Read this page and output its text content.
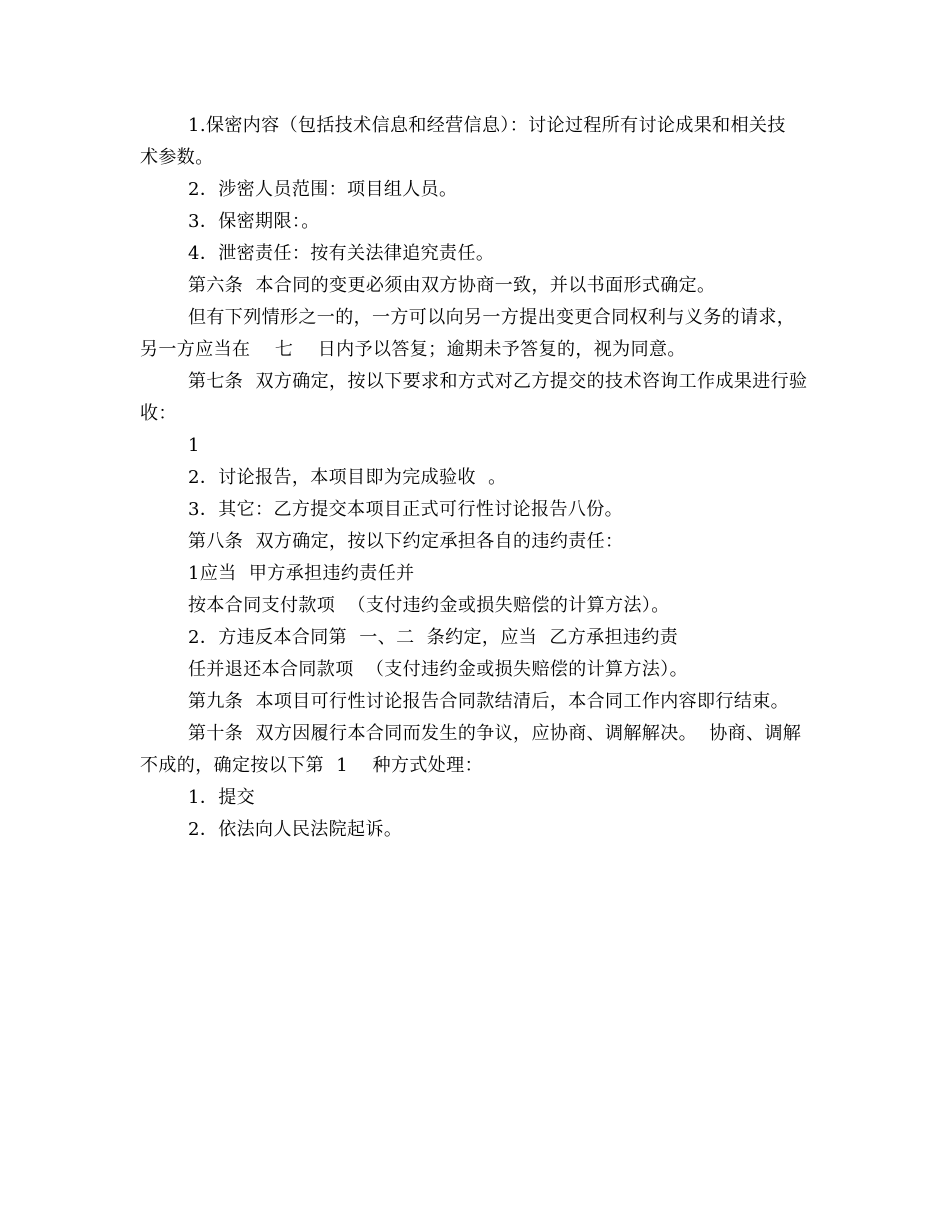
1.保密内容（包括技术信息和经营信息）：讨论过程所有讨论成果和相关技
术参数。
2．涉密人员范围：项目组人员。
3．保密期限：。
4．泄密责任：按有关法律追究责任。
第六条  本合同的变更必须由双方协商一致，并以书面形式确定。
但有下列情形之一的，一方可以向另一方提出变更合同权利与义务的请求，
另一方应当在    七    日内予以答复；逾期未予答复的，视为同意。
第七条  双方确定，按以下要求和方式对乙方提交的技术咨询工作成果进行验
收：
1
2．讨论报告，本项目即为完成验收  。
3．其它：乙方提交本项目正式可行性讨论报告八份。
第八条  双方确定，按以下约定承担各自的违约责任：
1应当  甲方承担违约责任并
按本合同支付款项  （支付违约金或损失赔偿的计算方法）。
2．方违反本合同第  一、二  条约定，应当  乙方承担违约责
任并退还本合同款项  （支付违约金或损失赔偿的计算方法）。
第九条  本项目可行性讨论报告合同款结清后，本合同工作内容即行结束。
第十条  双方因履行本合同而发生的争议，应协商、调解解决。  协商、调解
不成的，确定按以下第  1    种方式处理：
1．提交
2．依法向人民法院起诉。
